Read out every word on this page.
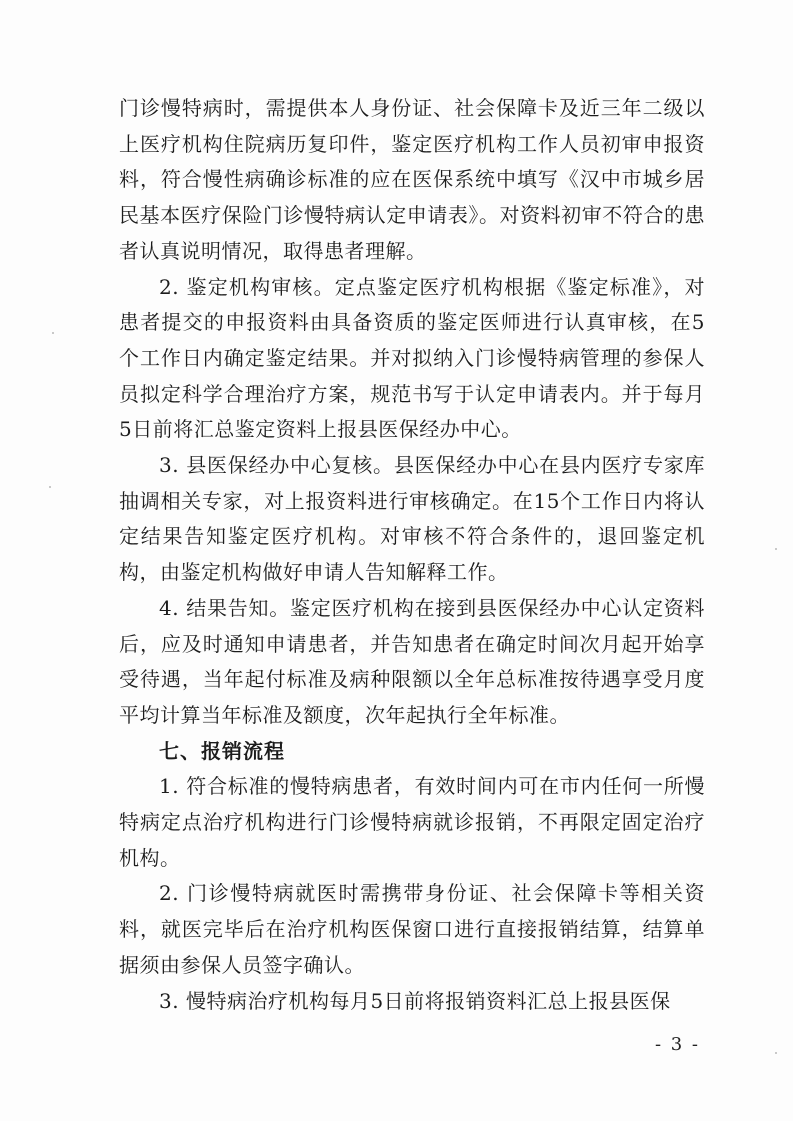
门诊慢特病时，需提供本人身份证、社会保障卡及近三年二级以上医疗机构住院病历复印件，鉴定医疗机构工作人员初审申报资料，符合慢性病确诊标准的应在医保系统中填写《汉中市城乡居民基本医疗保险门诊慢特病认定申请表》。对资料初审不符合的患者认真说明情况，取得患者理解。

2. 鉴定机构审核。定点鉴定医疗机构根据《鉴定标准》，对患者提交的申报资料由具备资质的鉴定医师进行认真审核，在5个工作日内确定鉴定结果。并对拟纳入门诊慢特病管理的参保人员拟定科学合理治疗方案，规范书写于认定申请表内。并于每月5日前将汇总鉴定资料上报县医保经办中心。

3. 县医保经办中心复核。县医保经办中心在县内医疗专家库抽调相关专家，对上报资料进行审核确定。在15个工作日内将认定结果告知鉴定医疗机构。对审核不符合条件的，退回鉴定机构，由鉴定机构做好申请人告知解释工作。

4. 结果告知。鉴定医疗机构在接到县医保经办中心认定资料后，应及时通知申请患者，并告知患者在确定时间次月起开始享受待遇，当年起付标准及病种限额以全年总标准按待遇享受月度平均计算当年标准及额度，次年起执行全年标准。

七、报销流程

1. 符合标准的慢特病患者，有效时间内可在市内任何一所慢特病定点治疗机构进行门诊慢特病就诊报销，不再限定固定治疗机构。

2. 门诊慢特病就医时需携带身份证、社会保障卡等相关资料，就医完毕后在治疗机构医保窗口进行直接报销结算，结算单据须由参保人员签字确认。

3. 慢特病治疗机构每月5日前将报销资料汇总上报县医保

- 3 -
